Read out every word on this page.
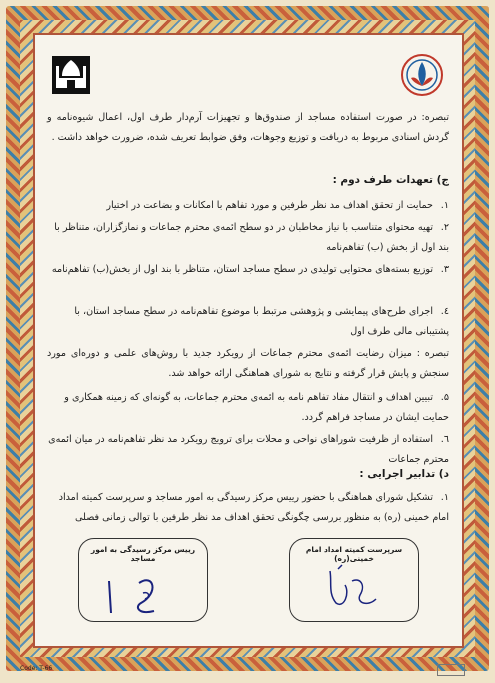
تبصره: در صورت استفاده مساجد از صندوق‌ها و تجهیزات آرم‌دار طرف اول، اعمال شیوه‌نامه و گردش اسنادی مربوط به دریافت و توزیع وجوهات، وفق ضوابط تعریف شده، ضرورت خواهد داشت .
ج) تعهدات طرف دوم :
۱.حمایت از تحقق اهداف مد نظر طرفین و مورد تفاهم با امکانات و بضاعت در اختیار
۲.تهیه محتوای متناسب با نیاز مخاطبان در دو سطح ائمه‌ی محترم جماعات و نمازگزاران، متناظر با بند اول از بخش (ب) تفاهم‌نامه
۳.توزیع بسته‌های محتوایی تولیدی در سطح مساجد استان، متناظر با بند اول از بخش(ب) تفاهم‌نامه
٤.اجرای طرح‌های پیمایشی و پژوهشی مرتبط با موضوع تفاهم‌نامه در سطح مساجد استان، با پشتیبانی مالی طرف اول
تبصره : میزان رضایت ائمه‌ی محترم جماعات از رویکرد جدید با روش‌های علمی و دوره‌ای مورد سنجش و پایش قرار گرفته و نتایج به شورای هماهنگی ارائه خواهد شد.
۵.تبیین اهداف و انتقال مفاد تفاهم نامه به ائمه‌ی محترم جماعات، به گونه‌ای که زمینه همکاری و حمایت ایشان در مساجد فراهم گردد.
٦.استفاده از ظرفیت شوراهای نواحی و محلات برای ترویج رویکرد مد نظر تفاهم‌نامه در میان ائمه‌ی محترم جماعات
د) تدابیر اجرایی :
۱.تشکیل شورای هماهنگی با حضور رییس مرکز رسیدگی به امور مساجد و سرپرست کمیته امداد امام خمینی (ره) به منظور بررسی چگونگی تحقق اهداف مد نظر طرفین با توالی زمانی فصلی
رییس مرکز رسیدگی به امور مساجد
سرپرست کمیته امداد امام خمینی(ره)
Code: T-66
